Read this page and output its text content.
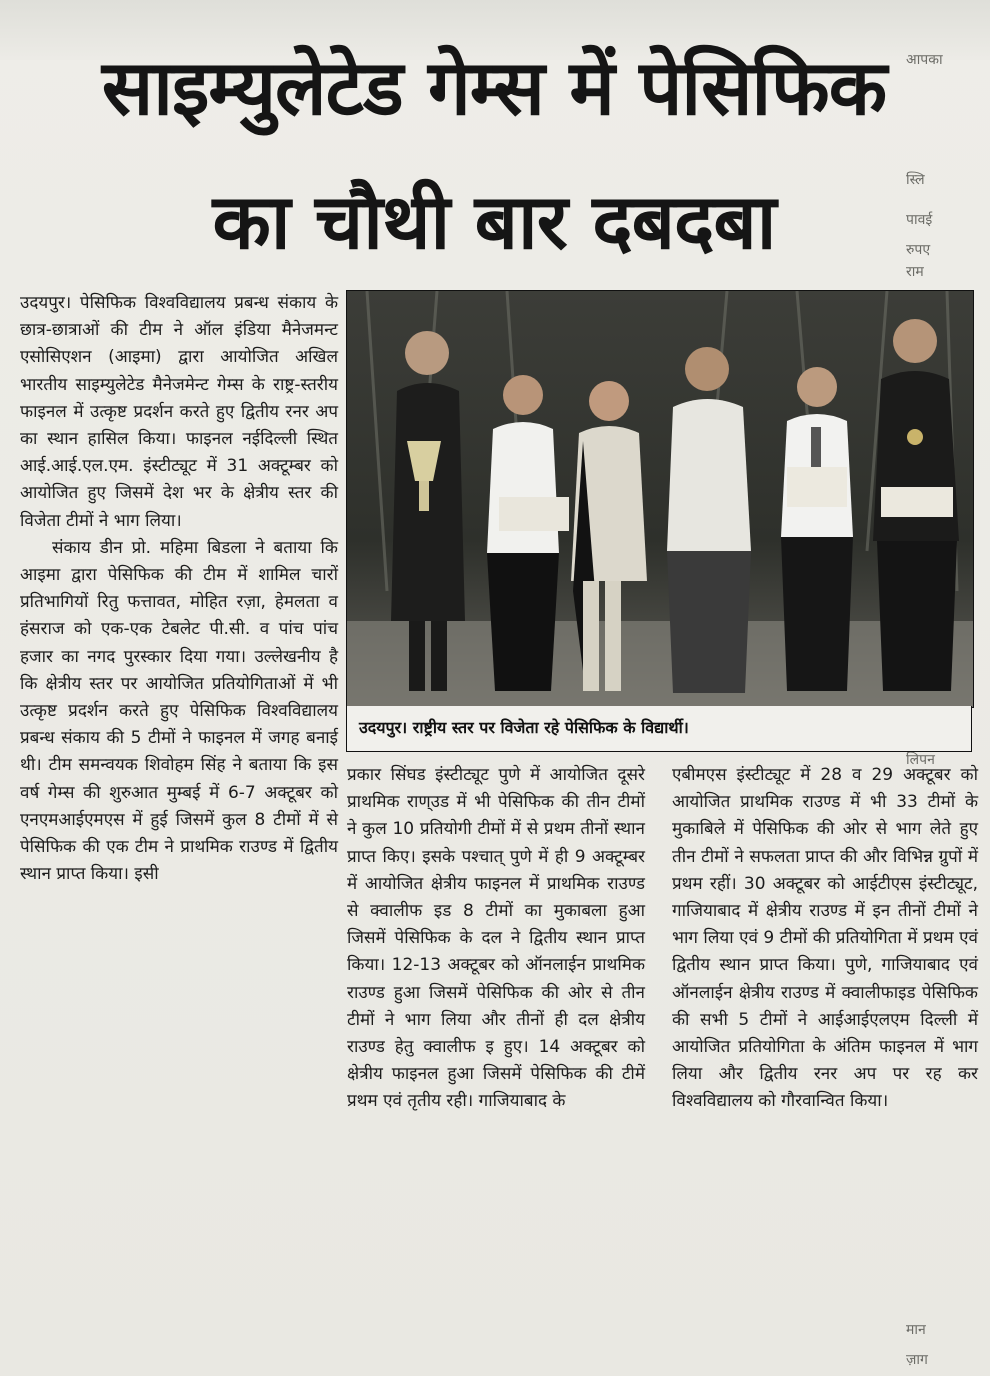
आपका
स्लि
पावई
रुपए
राम
लिपन
मान
ज़ाग
साइम्युलेटेड गेम्स में पेसिफिक
का चौथी बार दबदबा

उदयपुर। पेसिफिक विश्वविद्यालय प्रबन्ध संकाय के छात्र-छात्राओं की टीम ने ऑल इंडिया मैनेजमन्ट एसोसिएशन (आइमा) द्वारा आयोजित अखिल भारतीय साइम्युलेटेड मैनेजमेन्ट गेम्स के राष्ट्र-स्तरीय फाइनल में उत्कृष्ट प्रदर्शन करते हुए द्वितीय रनर अप का स्थान हासिल किया। फाइनल नईदिल्ली स्थित आई.आई.एल.एम. इंस्टीट्यूट में 31 अक्टूम्बर को आयोजित हुए जिसमें देश भर के क्षेत्रीय स्तर की विजेता टीमों ने भाग लिया।

संकाय डीन प्रो. महिमा बिडला ने बताया कि आइमा द्वारा पेसिफिक की टीम में शामिल चारों प्रतिभागियों रितु फत्तावत, मोहित रज़ा, हेमलता व हंसराज को एक-एक टेबलेट पी.सी. व पांच पांच हजार का नगद पुरस्कार दिया गया। उल्लेखनीय है कि क्षेत्रीय स्तर पर आयोजित प्रतियोगिताओं में भी उत्कृष्ट प्रदर्शन करते हुए पेसिफिक विश्वविद्यालय प्रबन्ध संकाय की 5 टीमों ने फाइनल में जगह बनाई थी। टीम समन्वयक शिवोहम सिंह ने बताया कि इस वर्ष गेम्स की शुरुआत मुम्बई में 6-7 अक्टूबर को एनएमआईएमएस में हुई जिसमें कुल 8 टीमों में से पेसिफिक की एक टीम ने प्राथमिक राउण्ड में द्वितीय स्थान प्राप्त किया। इसी

उदयपुर। राष्ट्रीय स्तर पर विजेता रहे पेसिफिक के विद्यार्थी।

प्रकार सिंघड इंस्टीट्यूट पुणे में आयोजित दूसरे प्राथमिक राण्उड में भी पेसिफिक की तीन टीमों ने कुल 10 प्रतियोगी टीमों में से प्रथम तीनों स्थान प्राप्त किए। इसके पश्चात् पुणे में ही 9 अक्टूम्बर में आयोजित क्षेत्रीय फाइनल में प्राथमिक राउण्ड से क्वालीफ इड 8 टीमों का मुकाबला हुआ जिसमें पेसिफिक के दल ने द्वितीय स्थान प्राप्त किया। 12-13 अक्टूबर को ऑनलाईन प्राथमिक राउण्ड हुआ जिसमें पेसिफिक की ओर से तीन टीमों ने भाग लिया और तीनों ही दल क्षेत्रीय राउण्ड हेतु क्वालीफ इ हुए। 14 अक्टूबर को क्षेत्रीय फाइनल हुआ जिसमें पेसिफिक की टीमें प्रथम एवं तृतीय रही। गाजियाबाद के

एबीमएस इंस्टीट्यूट में 28 व 29 अक्टूबर को आयोजित प्राथमिक राउण्ड में भी 33 टीमों के मुकाबिले में पेसिफिक की ओर से भाग लेते हुए तीन टीमों ने सफलता प्राप्त की और विभिन्न ग्रुपों में प्रथम रहीं। 30 अक्टूबर को आईटीएस इंस्टीट्यूट, गाजियाबाद में क्षेत्रीय राउण्ड में इन तीनों टीमों ने भाग लिया एवं 9 टीमों की प्रतियोगिता में प्रथम एवं द्वितीय स्थान प्राप्त किया। पुणे, गाजियाबाद एवं ऑनलाईन क्षेत्रीय राउण्ड में क्वालीफाइड पेसिफिक की सभी 5 टीमों ने आईआईएलएम दिल्ली में आयोजित प्रतियोगिता के अंतिम फाइनल में भाग लिया और द्वितीय रनर अप पर रह कर विश्वविद्यालय को गौरवान्वित किया।
